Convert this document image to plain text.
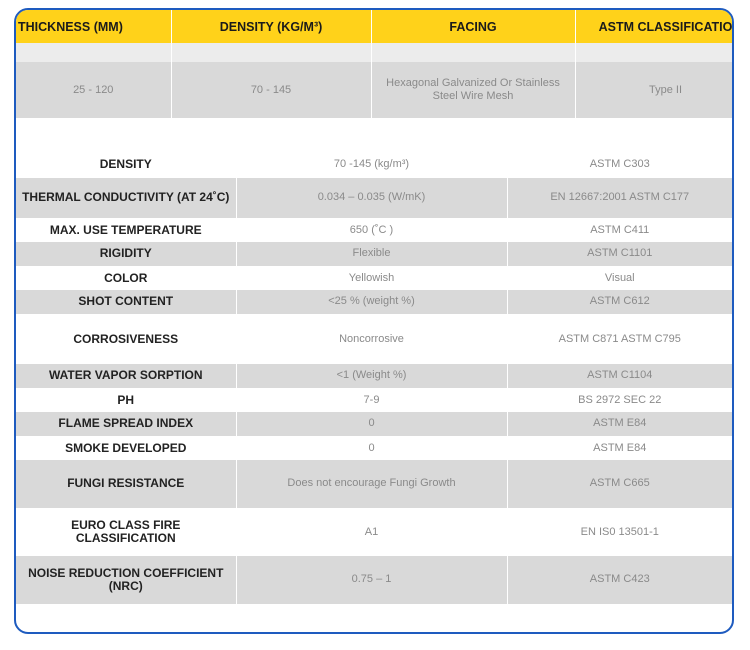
THICKNESS (MM)	DENSITY (KG/M³)	FACING	ASTM CLASSIFICATIO

25 - 120	70 - 145	Hexagonal Galvanized Or Stainless Steel Wire Mesh	Type II
DENSITY	70 -145 (kg/m³)	ASTM C303
THERMAL CONDUCTIVITY (AT 24˚C)	0.034 – 0.035 (W/mK)	EN 12667:2001 ASTM C177
MAX. USE TEMPERATURE	650 (˚C )	ASTM C411
RIGIDITY	Flexible	ASTM C1101
COLOR	Yellowish	Visual
SHOT CONTENT	<25 % (weight %)	ASTM C612
CORROSIVENESS	Noncorrosive	ASTM C871 ASTM C795
WATER VAPOR SORPTION	<1 (Weight %)	ASTM C1104
PH	7-9	BS 2972 SEC 22
FLAME SPREAD INDEX	0	ASTM E84
SMOKE DEVELOPED	0	ASTM E84
FUNGI RESISTANCE	Does not encourage Fungi Growth	ASTM C665
EURO CLASS FIRE CLASSIFICATION	A1	EN IS0 13501-1
NOISE REDUCTION COEFFICIENT (NRC)	0.75 – 1	ASTM C423
